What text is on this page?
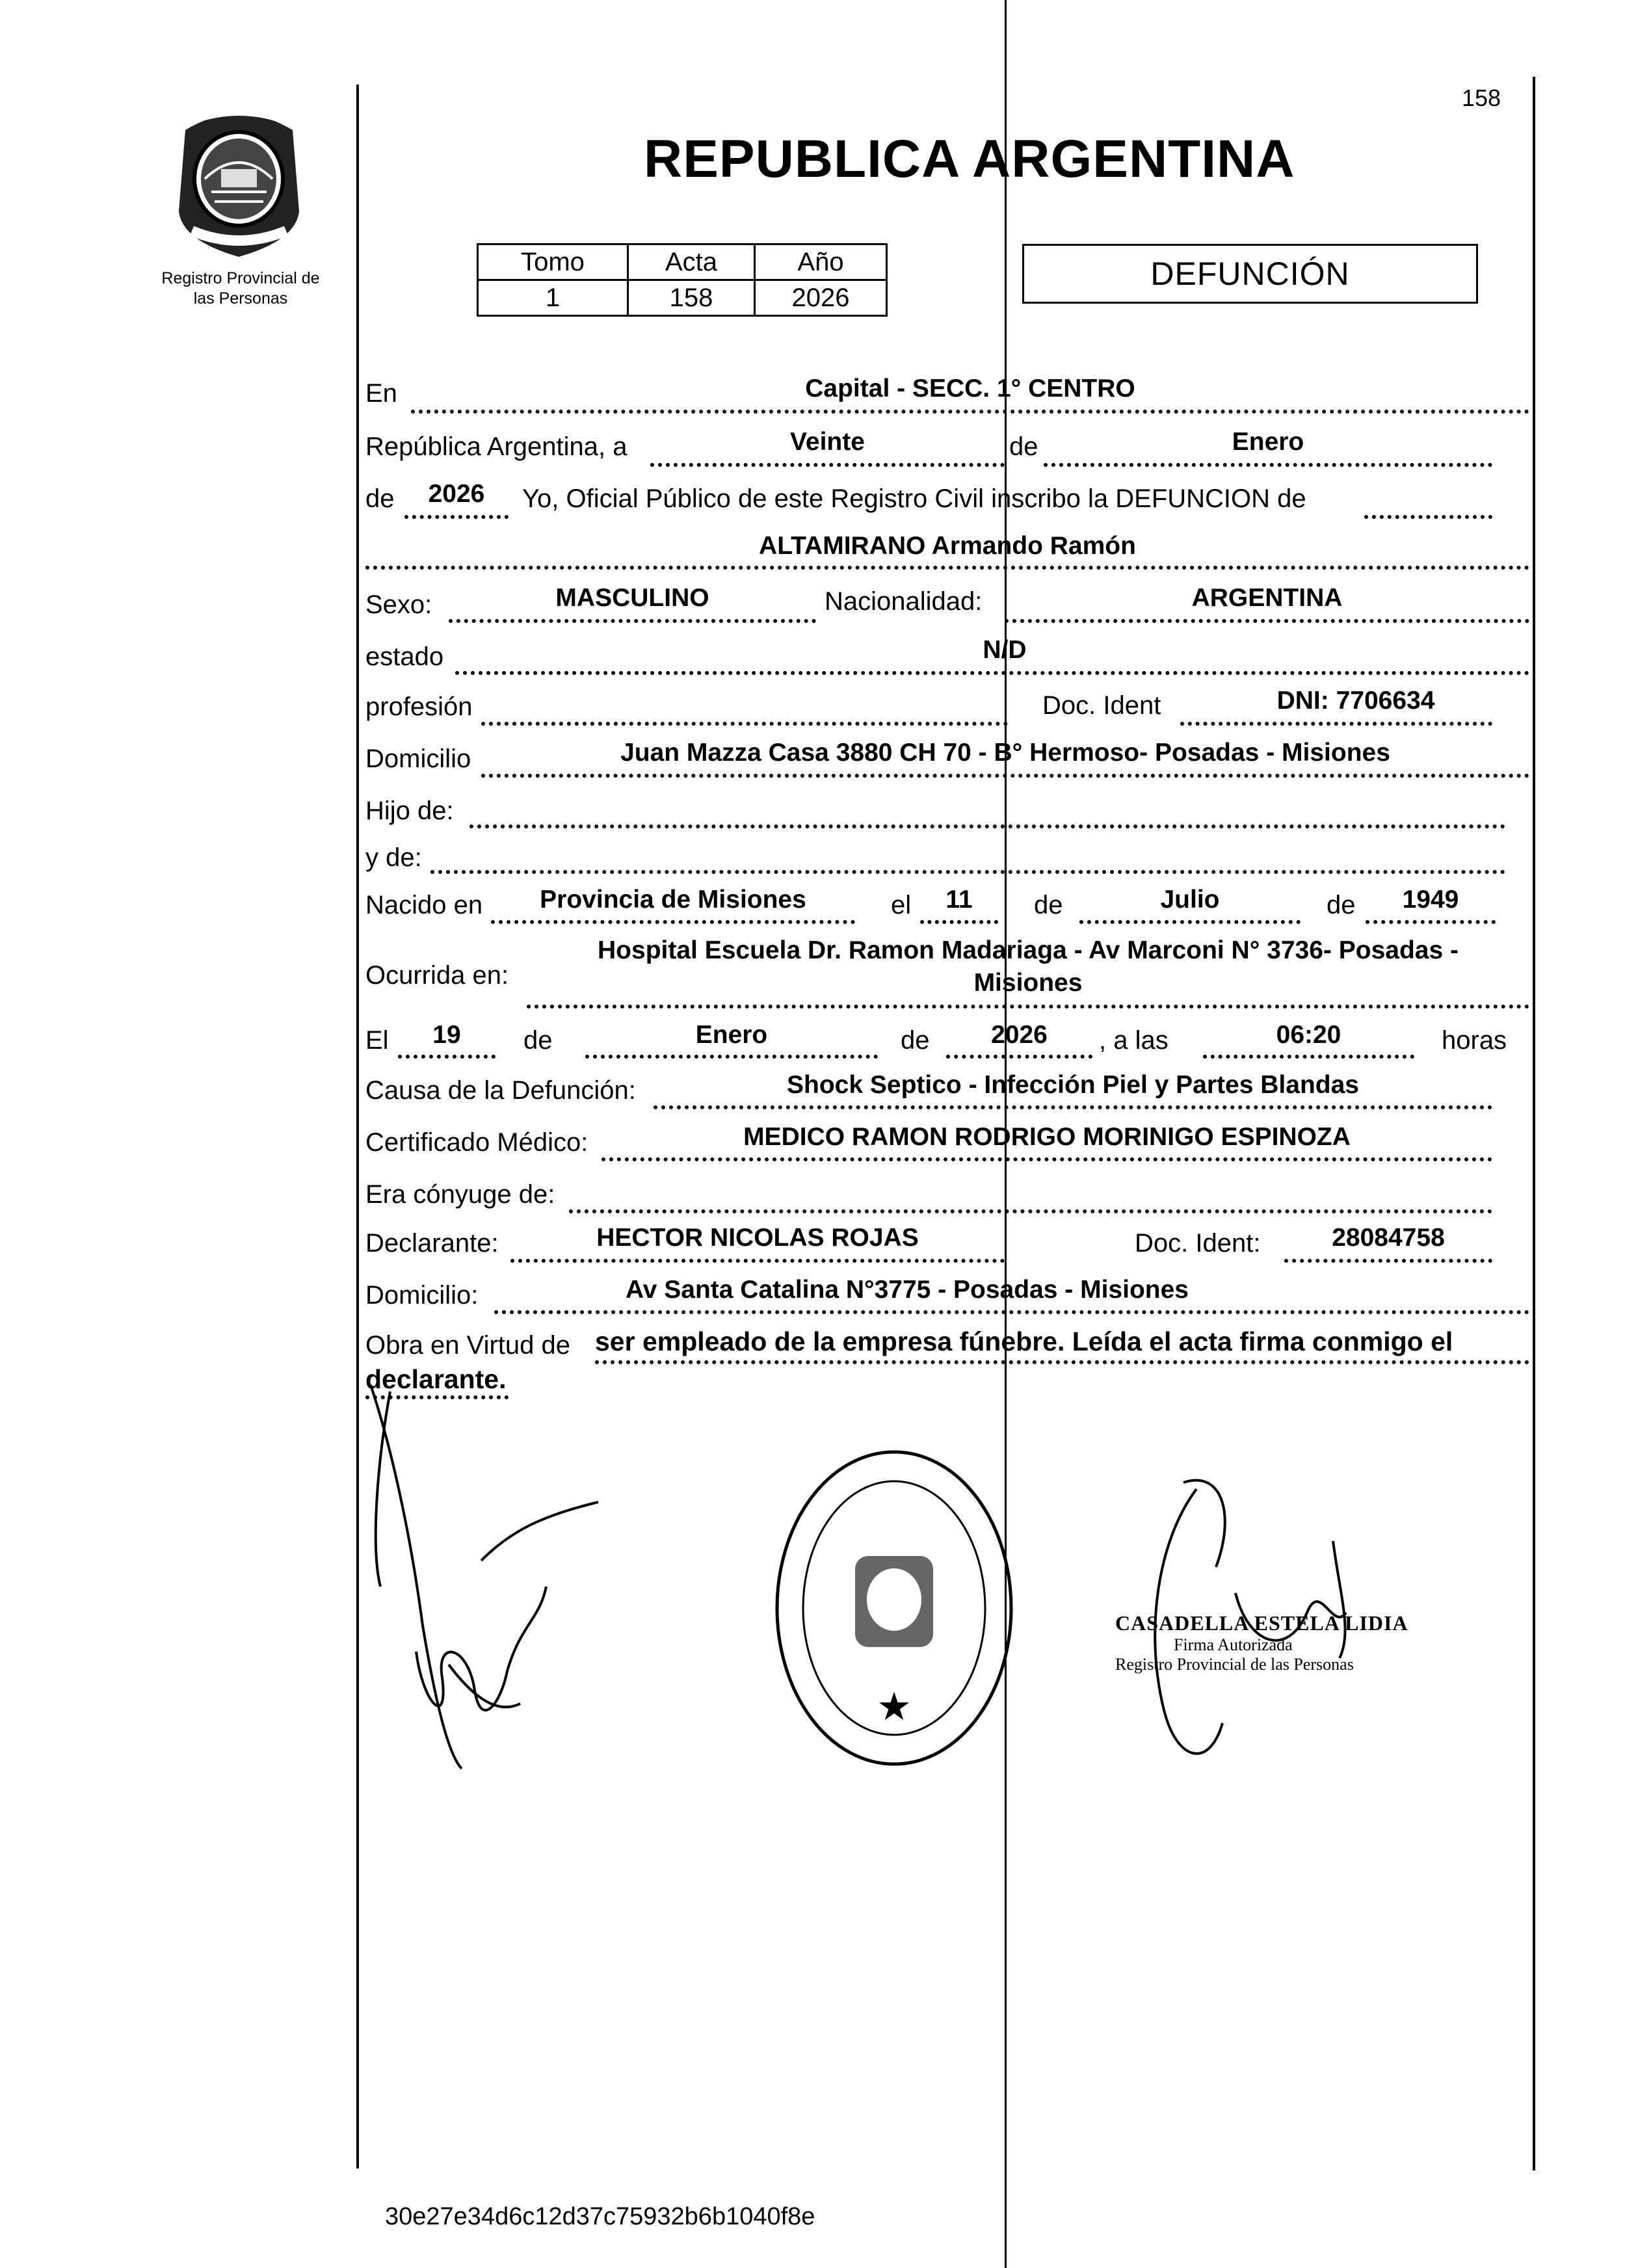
Registro Provincial de
las Personas
158
REPUBLICA ARGENTINA
Tomo	Acta	Año
1	158	2026
DEFUNCIÓN
En	Capital - SECC. 1° CENTRO
República Argentina, a	Veinte	de	Enero
de	2026	Yo, Oficial Público de este Registro Civil inscribo la DEFUNCION de
ALTAMIRANO Armando Ramón
Sexo:	MASCULINO	Nacionalidad:	ARGENTINA
estado	N/D
profesión	Doc. Ident	DNI: 7706634
Domicilio	Juan Mazza Casa 3880 CH 70 - B° Hermoso- Posadas - Misiones
Hijo de:
y de:
Nacido en	Provincia de Misiones	el	11	de	Julio	de	1949
Ocurrida en:
Hospital Escuela Dr. Ramon Madariaga - Av Marconi N° 3736- Posadas -
Misiones
El	19	de	Enero	de	2026	, a las	06:20	horas
Causa de la Defunción:	Shock Septico - Infección Piel y Partes Blandas
Certificado Médico:	MEDICO RAMON RODRIGO MORINIGO ESPINOZA
Era cónyuge de:
Declarante:	HECTOR NICOLAS ROJAS	Doc. Ident:	28084758
Domicilio:	Av Santa Catalina N°3775 - Posadas - Misiones
Obra en Virtud de ser empleado de la empresa fúnebre. Leída el acta firma conmigo el
declarante.
★
CASADELLA ESTELA LIDIA
Firma Autorizada
Registro Provincial de las Personas
30e27e34d6c12d37c75932b6b1040f8e
